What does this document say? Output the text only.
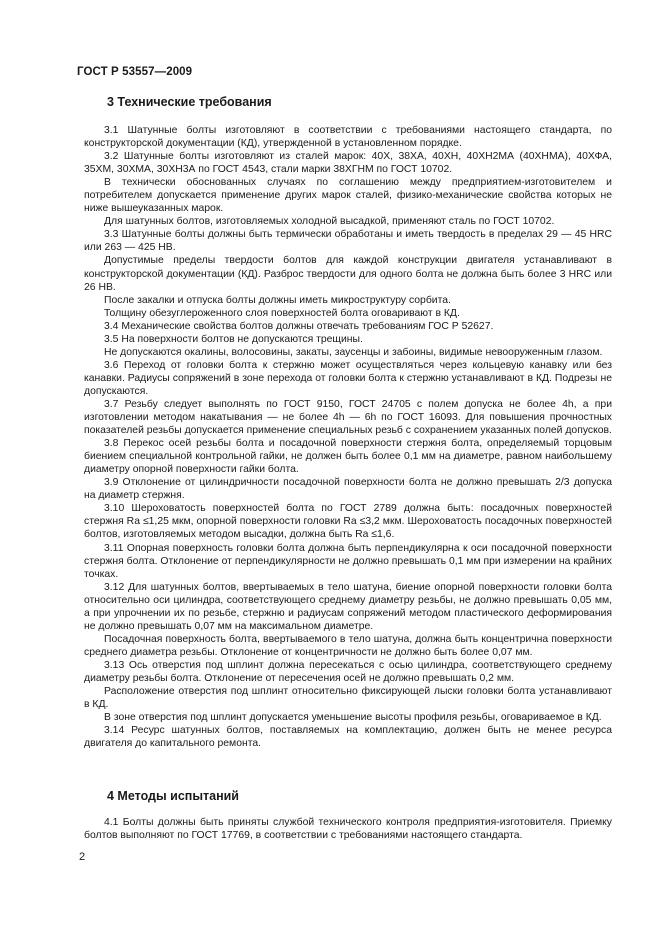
ГОСТ Р 53557—2009
3 Технические требования

3.1 Шатунные болты изготовляют в соответствии с требованиями настоящего стандарта, по конструкторской документации (КД), утвержденной в установленном порядке.

3.2 Шатунные болты изготовляют из сталей марок: 40Х, 38ХА, 40ХН, 40ХН2МА (40ХНМА), 40ХФА, 35ХМ, 30ХМА, 30ХН3А по ГОСТ 4543, стали марки 38ХГНМ по ГОСТ 10702.

В технически обоснованных случаях по соглашению между предприятием-изготовителем и потребителем допускается применение других марок сталей, физико-механические свойства которых не ниже вышеуказанных марок.

Для шатунных болтов, изготовляемых холодной высадкой, применяют сталь по ГОСТ 10702.

3.3 Шатунные болты должны быть термически обработаны и иметь твердость в пределах 29 — 45 HRC или 263 — 425 HB.

Допустимые пределы твердости болтов для каждой конструкции двигателя устанавливают в конструкторской документации (КД). Разброс твердости для одного болта не должна быть более 3 HRC или 26 НВ.

После закалки и отпуска болты должны иметь микроструктуру сорбита.

Толщину обезуглероженного слоя поверхностей болта оговаривают в КД.

3.4 Механические свойства болтов должны отвечать требованиям ГОС Р 52627.

3.5 На поверхности болтов не допускаются трещины.

Не допускаются окалины, волосовины, закаты, заусенцы и забоины, видимые невооруженным глазом.

3.6 Переход от головки болта к стержню может осуществляться через кольцевую канавку или без канавки. Радиусы сопряжений в зоне перехода от головки болта к стержню устанавливают в КД. Подрезы не допускаются.

3.7 Резьбу следует выполнять по ГОСТ 9150, ГОСТ 24705 с полем допуска не более 4h, а при изготовлении методом накатывания — не более 4h — 6h по ГОСТ 16093. Для повышения прочностных показателей резьбы допускается применение специальных резьб с сохранением указанных полей допусков.

3.8 Перекос осей резьбы болта и посадочной поверхности стержня болта, определяемый торцовым биением специальной контрольной гайки, не должен быть более 0,1 мм на диаметре, равном наибольшему диаметру опорной поверхности гайки болта.

3.9 Отклонение от цилиндричности посадочной поверхности болта не должно превышать 2/3 допуска на диаметр стержня.

3.10 Шероховатость поверхностей болта по ГОСТ 2789 должна быть: посадочных поверхностей стержня Ra ≤1,25 мкм, опорной поверхности головки Ra ≤3,2 мкм. Шероховатость посадочных поверхностей болтов, изготовляемых методом высадки, должна быть Ra ≤1,6.

3.11 Опорная поверхность головки болта должна быть перпендикулярна к оси посадочной поверхности стержня болта. Отклонение от перпендикулярности не должно превышать 0,1 мм при измерении на крайних точках.

3.12 Для шатунных болтов, ввертываемых в тело шатуна, биение опорной поверхности головки болта относительно оси цилиндра, соответствующего среднему диаметру резьбы, не должно превышать 0,05 мм, а при упрочнении их по резьбе, стержню и радиусам сопряжений методом пластического деформирования не должно превышать 0,07 мм на максимальном диаметре.

Посадочная поверхность болта, ввертываемого в тело шатуна, должна быть концентрична поверхности среднего диаметра резьбы. Отклонение от концентричности не должно быть более 0,07 мм.

3.13 Ось отверстия под шплинт должна пересекаться с осью цилиндра, соответствующего среднему диаметру резьбы болта. Отклонение от пересечения осей не должно превышать 0,2 мм.

Расположение отверстия под шплинт относительно фиксирующей лыски головки болта устанавливают в КД.

В зоне отверстия под шплинт допускается уменьшение высоты профиля резьбы, оговариваемое в КД.

3.14 Ресурс шатунных болтов, поставляемых на комплектацию, должен быть не менее ресурса двигателя до капитального ремонта.

4 Методы испытаний

4.1 Болты должны быть приняты службой технического контроля предприятия-изготовителя. Приемку болтов выполняют по ГОСТ 17769, в соответствии с требованиями настоящего стандарта.

2
